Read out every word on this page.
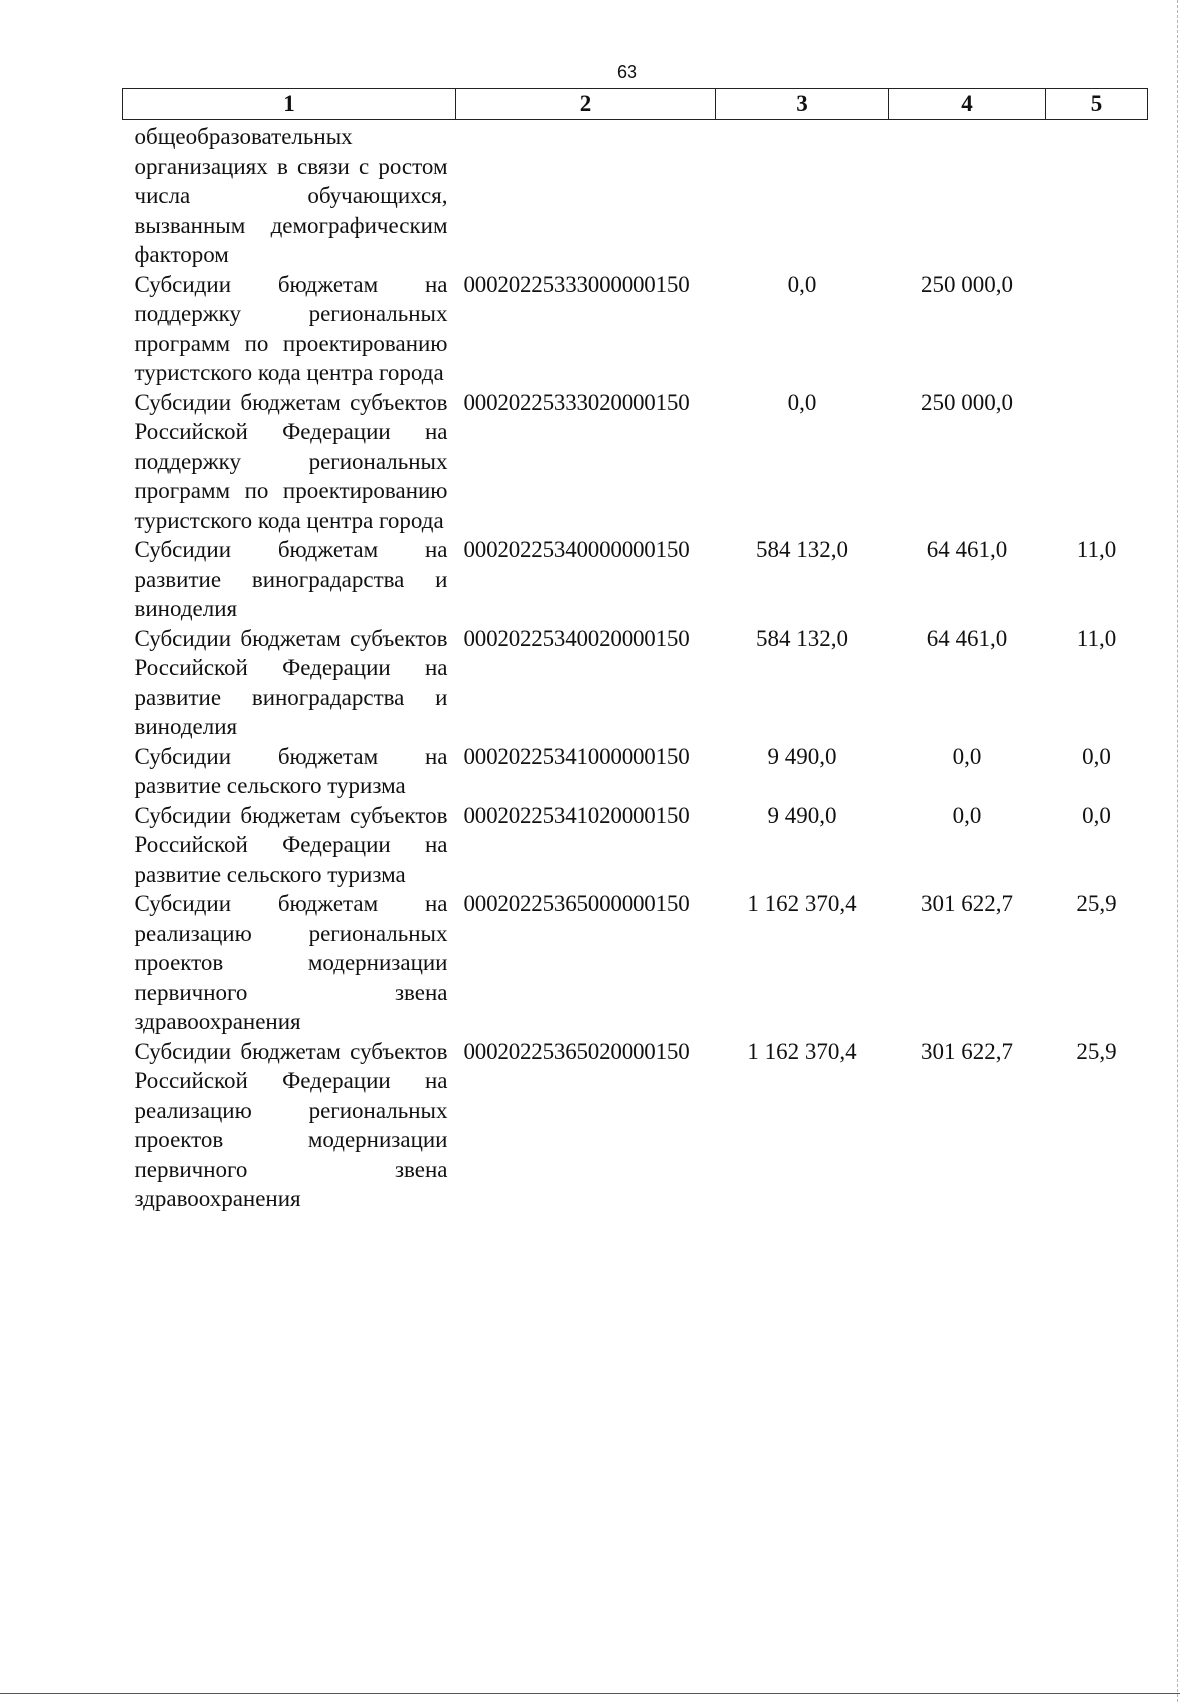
63
1	2	3	4	5
общеобразовательных организациях в связи с ростом числа обучающихся, вызванным демографическим фактором				
Субсидии бюджетам на поддержку региональных программ по проектированию туристского кода центра города	00020225333000000150	0,0	250 000,0	
Субсидии бюджетам субъектов Российской Федерации на поддержку региональных программ по проектированию туристского кода центра города	00020225333020000150	0,0	250 000,0	
Субсидии бюджетам на развитие виноградарства и виноделия	00020225340000000150	584 132,0	64 461,0	11,0
Субсидии бюджетам субъектов Российской Федерации на развитие виноградарства и виноделия	00020225340020000150	584 132,0	64 461,0	11,0
Субсидии бюджетам на развитие сельского туризма	00020225341000000150	9 490,0	0,0	0,0
Субсидии бюджетам субъектов Российской Федерации на развитие сельского туризма	00020225341020000150	9 490,0	0,0	0,0
Субсидии бюджетам на реализацию региональных проектов модернизации первичного звена здравоохранения	00020225365000000150	1 162 370,4	301 622,7	25,9
Субсидии бюджетам субъектов Российской Федерации на реализацию региональных проектов модернизации первичного звена здравоохранения	00020225365020000150	1 162 370,4	301 622,7	25,9
